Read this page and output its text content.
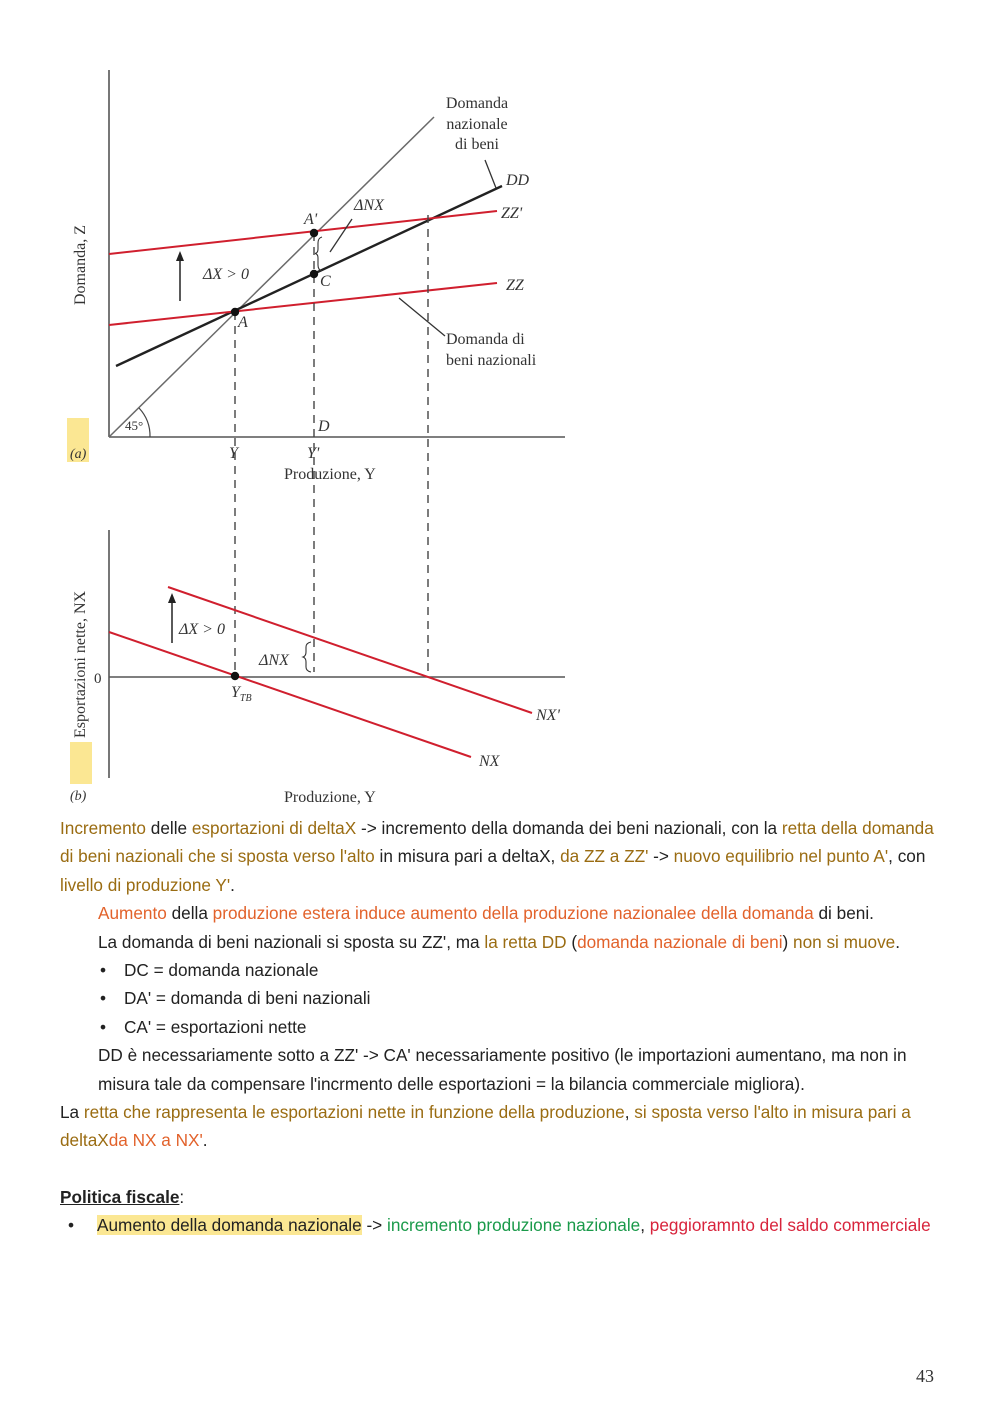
Domanda, Z
Produzione, Y
(a)
45°
ΔNX
ΔX > 0
A
A'
C
D
Y	Y'
DD
ZZ'
ZZ
Domanda
nazionale
di beni
Domanda di
beni nazionali
Esportazioni nette, NX
Produzione, Y
(b)
0
ΔX > 0
ΔNX
$Y_{TB}$
NX'
NX

Incremento delle esportazioni di deltaX -> incremento della domanda dei beni nazionali, con la retta della domanda di beni nazionali che si sposta verso l'alto in misura pari a deltaX, da ZZ a ZZ' -> nuovo equilibrio nel punto A', con livello di produzione Y'.

Aumento della produzione estera induce aumento della produzione nazionalee della domanda di beni.

La domanda di beni nazionali si sposta su ZZ', ma la retta DD (domanda nazionale di beni) non si muove.

• DC = domanda nazionale
• DA' = domanda di beni nazionali
• CA' = esportazioni nette

DD è necessariamente sotto a ZZ' -> CA' necessariamente positivo (le importazioni aumentano, ma non in misura tale da compensare l'incrmento delle esportazioni = la bilancia commerciale migliora).

La retta che rappresenta le esportazioni nette in funzione della produzione, si sposta verso l'alto in misura pari a deltaXda NX a NX'.

Politica fiscale:

• Aumento della domanda nazionale -> incremento produzione nazionale, peggioramnto del saldo commerciale
43
